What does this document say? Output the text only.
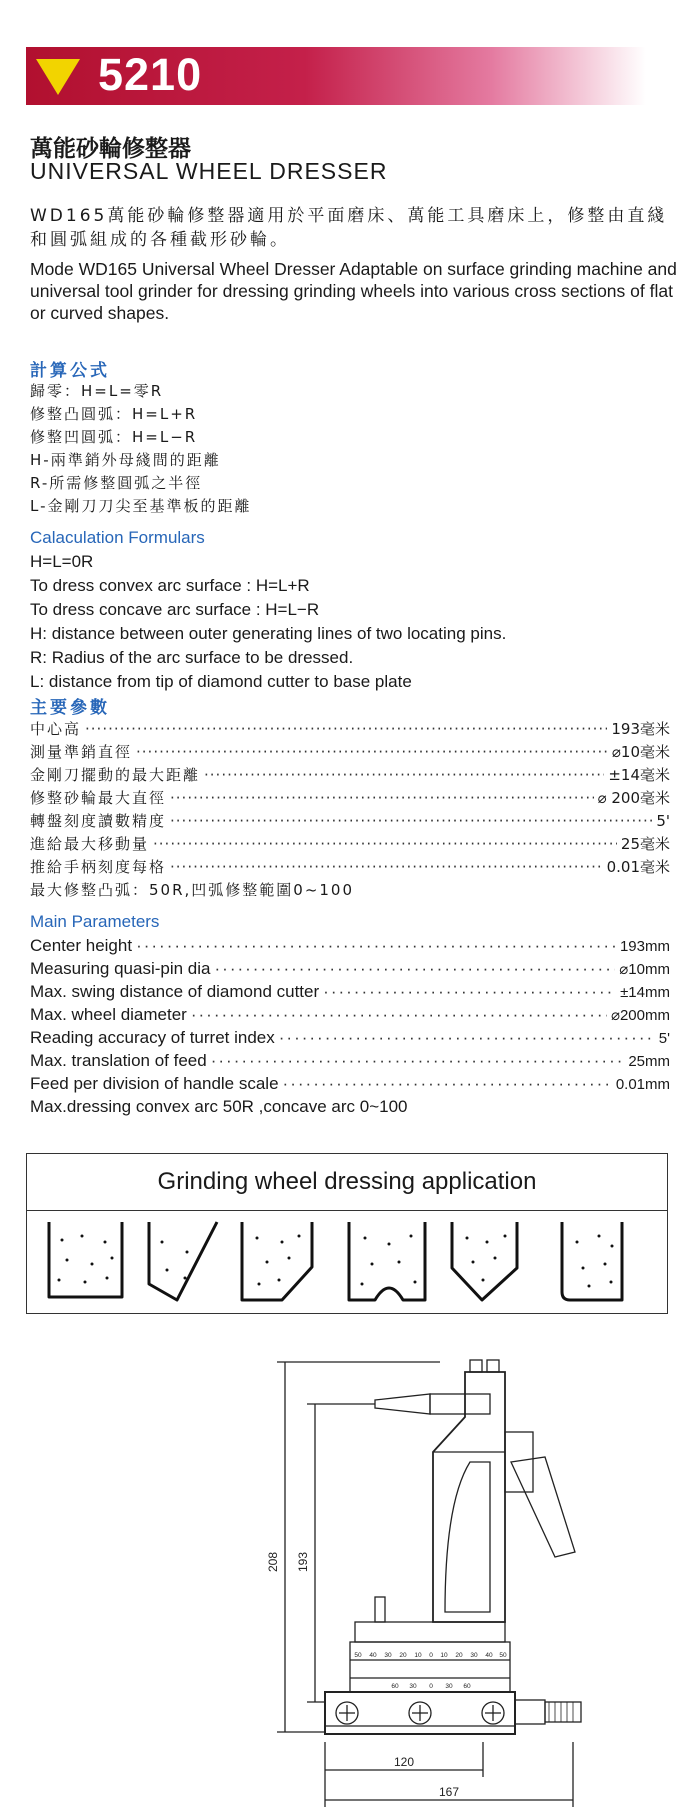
5210
萬能砂輪修整器
UNIVERSAL WHEEL DRESSER
WD165萬能砂輪修整器適用於平面磨床、萬能工具磨床上，修整由直綫和圓弧組成的各種截形砂輪。
Mode WD165 Universal Wheel Dresser Adaptable on surface grinding machine and universal tool grinder for dressing grinding wheels into various cross sections of flat or curved shapes.
計算公式
歸零：H=L=零R
修整凸圓弧：H=L+R
修整凹圓弧：H=L−R
H-兩準銷外母綫間的距離
R-所需修整圓弧之半徑
L-金剛刀刀尖至基準板的距離
Calaculation Formulars
H=L=0R
To dress convex arc surface : H=L+R
To dress concave arc surface : H=L−R
H: distance between outer generating lines of two locating pins.
R: Radius of the arc surface to be dressed.
L: distance from tip of diamond cutter to base plate
主要參數
中心高 ·····	193毫米
測量準銷直徑 ·····	⌀10毫米
金剛刀擺動的最大距離 ·····	±14毫米
修整砂輪最大直徑 ·····	⌀ 200毫米
轉盤刻度讀數精度 ·····	5'
進給最大移動量 ·····	25毫米
推給手柄刻度每格 ·····	0.01毫米
最大修整凸弧：50R,凹弧修整範圍0~100
Main Parameters
Center height ·····	193mm
Measuring quasi-pin dia ·····	⌀10mm
Max. swing distance of diamond cutter ·····	±14mm
Max. wheel diameter ·····	⌀200mm
Reading accuracy of turret index ·····	5'
Max. translation of feed ·····	25mm
Feed per division of handle scale ·····	0.01mm
Max.dressing convex arc 50R ,concave arc 0~100
Grinding wheel dressing application
208 193
120
167
50 40 30 20 10 0 10 20 30 40 50
60 30 0 30 60
